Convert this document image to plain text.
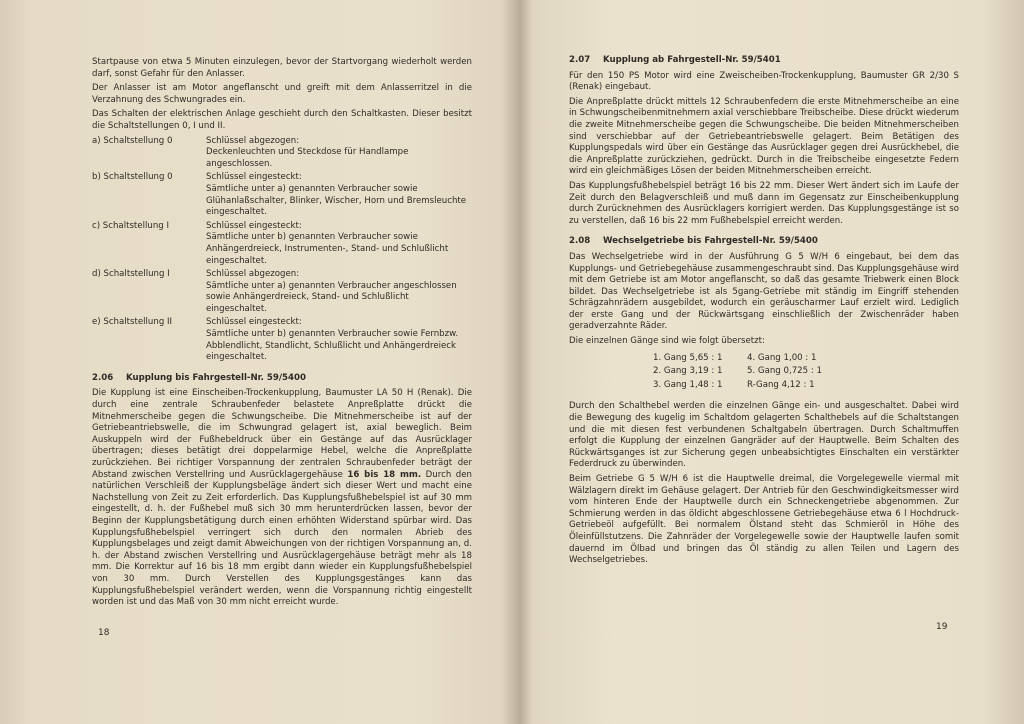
Startpause von etwa 5 Minuten einzulegen, bevor der Startvorgang wiederholt werden darf, sonst Gefahr für den Anlasser.

Der Anlasser ist am Motor angeflanscht und greift mit dem Anlasserritzel in die Verzahnung des Schwungrades ein.

Das Schalten der elektrischen Anlage geschieht durch den Schaltkasten. Dieser besitzt die Schaltstellungen 0, I und II.

a) Schaltstellung 0	Schlüssel abgezogen:
Deckenleuchten und Steckdose für Handlampe angeschlossen.
b) Schaltstellung 0	Schlüssel eingesteckt:
Sämtliche unter a) genannten Verbraucher sowie Glühanlaßschalter, Blinker, Wischer, Horn und Bremsleuchte eingeschaltet.
c) Schaltstellung I	Schlüssel eingesteckt:
Sämtliche unter b) genannten Verbraucher sowie Anhängerdreieck, Instrumenten-, Stand- und Schlußlicht eingeschaltet.
d) Schaltstellung I	Schlüssel abgezogen:
Sämtliche unter a) genannten Verbraucher angeschlossen sowie Anhängerdreieck, Stand- und Schlußlicht eingeschaltet.
e) Schaltstellung II	Schlüssel eingesteckt:
Sämtliche unter b) genannten Verbraucher sowie Fernbzw. Abblendlicht, Standlicht, Schlußlicht und Anhängerdreieck eingeschaltet.
2.06 Kupplung bis Fahrgestell-Nr. 59/5400

Die Kupplung ist eine Einscheiben-Trockenkupplung, Baumuster LA 50 H (Renak). Die durch eine zentrale Schraubenfeder belastete Anpreßplatte drückt die Mitnehmerscheibe gegen die Schwungscheibe. Die Mitnehmerscheibe ist auf der Getriebeantriebswelle, die im Schwungrad gelagert ist, axial beweglich. Beim Auskuppeln wird der Fußhebeldruck über ein Gestänge auf das Ausrücklager übertragen; dieses betätigt drei doppelarmige Hebel, welche die Anpreßplatte zurückziehen. Bei richtiger Vorspannung der zentralen Schraubenfeder beträgt der Abstand zwischen Verstellring und Ausrücklagergehäuse 16 bis 18 mm. Durch den natürlichen Verschleiß der Kupplungsbeläge ändert sich dieser Wert und macht eine Nachstellung von Zeit zu Zeit erforderlich. Das Kupplungsfußhebelspiel ist auf 30 mm eingestellt, d. h. der Fußhebel muß sich 30 mm herunterdrücken lassen, bevor der Beginn der Kupplungsbetätigung durch einen erhöhten Widerstand spürbar wird. Das Kupplungsfußhebelspiel verringert sich durch den normalen Abrieb des Kupplungsbelages und zeigt damit Abweichungen von der richtigen Vorspannung an, d. h. der Abstand zwischen Verstellring und Ausrücklagergehäuse beträgt mehr als 18 mm. Die Korrektur auf 16 bis 18 mm ergibt dann wieder ein Kupplungsfußhebelspiel von 30 mm. Durch Verstellen des Kupplungsgestänges kann das Kupplungsfußhebelspiel verändert werden, wenn die Vorspannung richtig eingestellt worden ist und das Maß von 30 mm nicht erreicht wurde.

18
2.07 Kupplung ab Fahrgestell-Nr. 59/5401

Für den 150 PS Motor wird eine Zweischeiben-Trockenkupplung, Baumuster GR 2/30 S (Renak) eingebaut.

Die Anpreßplatte drückt mittels 12 Schraubenfedern die erste Mitnehmerscheibe an eine in Schwungscheibenmitnehmern axial verschiebbare Treibscheibe. Diese drückt wiederum die zweite Mitnehmerscheibe gegen die Schwungscheibe. Die beiden Mitnehmerscheiben sind verschiebbar auf der Getriebeantriebswelle gelagert. Beim Betätigen des Kupplungspedals wird über ein Gestänge das Ausrücklager gegen drei Ausrückhebel, die die Anpreßplatte zurückziehen, gedrückt. Durch in die Treibscheibe eingesetzte Federn wird ein gleichmäßiges Lösen der beiden Mitnehmerscheiben erreicht.

Das Kupplungsfußhebelspiel beträgt 16 bis 22 mm. Dieser Wert ändert sich im Laufe der Zeit durch den Belagverschleiß und muß dann im Gegensatz zur Einscheibenkupplung durch Zurücknehmen des Ausrücklagers korrigiert werden. Das Kupplungsgestänge ist so zu verstellen, daß 16 bis 22 mm Fußhebelspiel erreicht werden.

2.08 Wechselgetriebe bis Fahrgestell-Nr. 59/5400

Das Wechselgetriebe wird in der Ausführung G 5 W/H 6 eingebaut, bei dem das Kupplungs- und Getriebegehäuse zusammengeschraubt sind. Das Kupplungsgehäuse wird mit dem Getriebe ist am Motor angeflanscht, so daß das gesamte Triebwerk einen Block bildet. Das Wechselgetriebe ist als 5gang-Getriebe mit ständig im Eingriff stehenden Schrägzahnrädern ausgebildet, wodurch ein geräuscharmer Lauf erzielt wird. Lediglich der erste Gang und der Rückwärtsgang einschließlich der Zwischenräder haben geradverzahnte Räder.

Die einzelnen Gänge sind wie folgt übersetzt:

1. Gang 5,65 : 1	4. Gang 1,00 : 1
2. Gang 3,19 : 1	5. Gang 0,725 : 1
3. Gang 1,48 : 1	R-Gang 4,12 : 1

Durch den Schalthebel werden die einzelnen Gänge ein- und ausgeschaltet. Dabei wird die Bewegung des kugelig im Schaltdom gelagerten Schalthebels auf die Schaltstangen und die mit diesen fest verbundenen Schaltgabeln übertragen. Durch Schaltmuffen erfolgt die Kupplung der einzelnen Gangräder auf der Hauptwelle. Beim Schalten des Rückwärtsganges ist zur Sicherung gegen unbeabsichtigtes Einschalten ein verstärkter Federdruck zu überwinden.

Beim Getriebe G 5 W/H 6 ist die Hauptwelle dreimal, die Vorgelegewelle viermal mit Wälzlagern direkt im Gehäuse gelagert. Der Antrieb für den Geschwindigkeitsmesser wird vom hinteren Ende der Hauptwelle durch ein Schneckengetriebe abgenommen. Zur Schmierung werden in das öldicht abgeschlossene Getriebegehäuse etwa 6 l Hochdruck-Getriebeöl aufgefüllt. Bei normalem Ölstand steht das Schmieröl in Höhe des Öleinfüllstutzens. Die Zahnräder der Vorgelegewelle sowie der Hauptwelle laufen somit dauernd im Ölbad und bringen das Öl ständig zu allen Teilen und Lagern des Wechselgetriebes.

19
